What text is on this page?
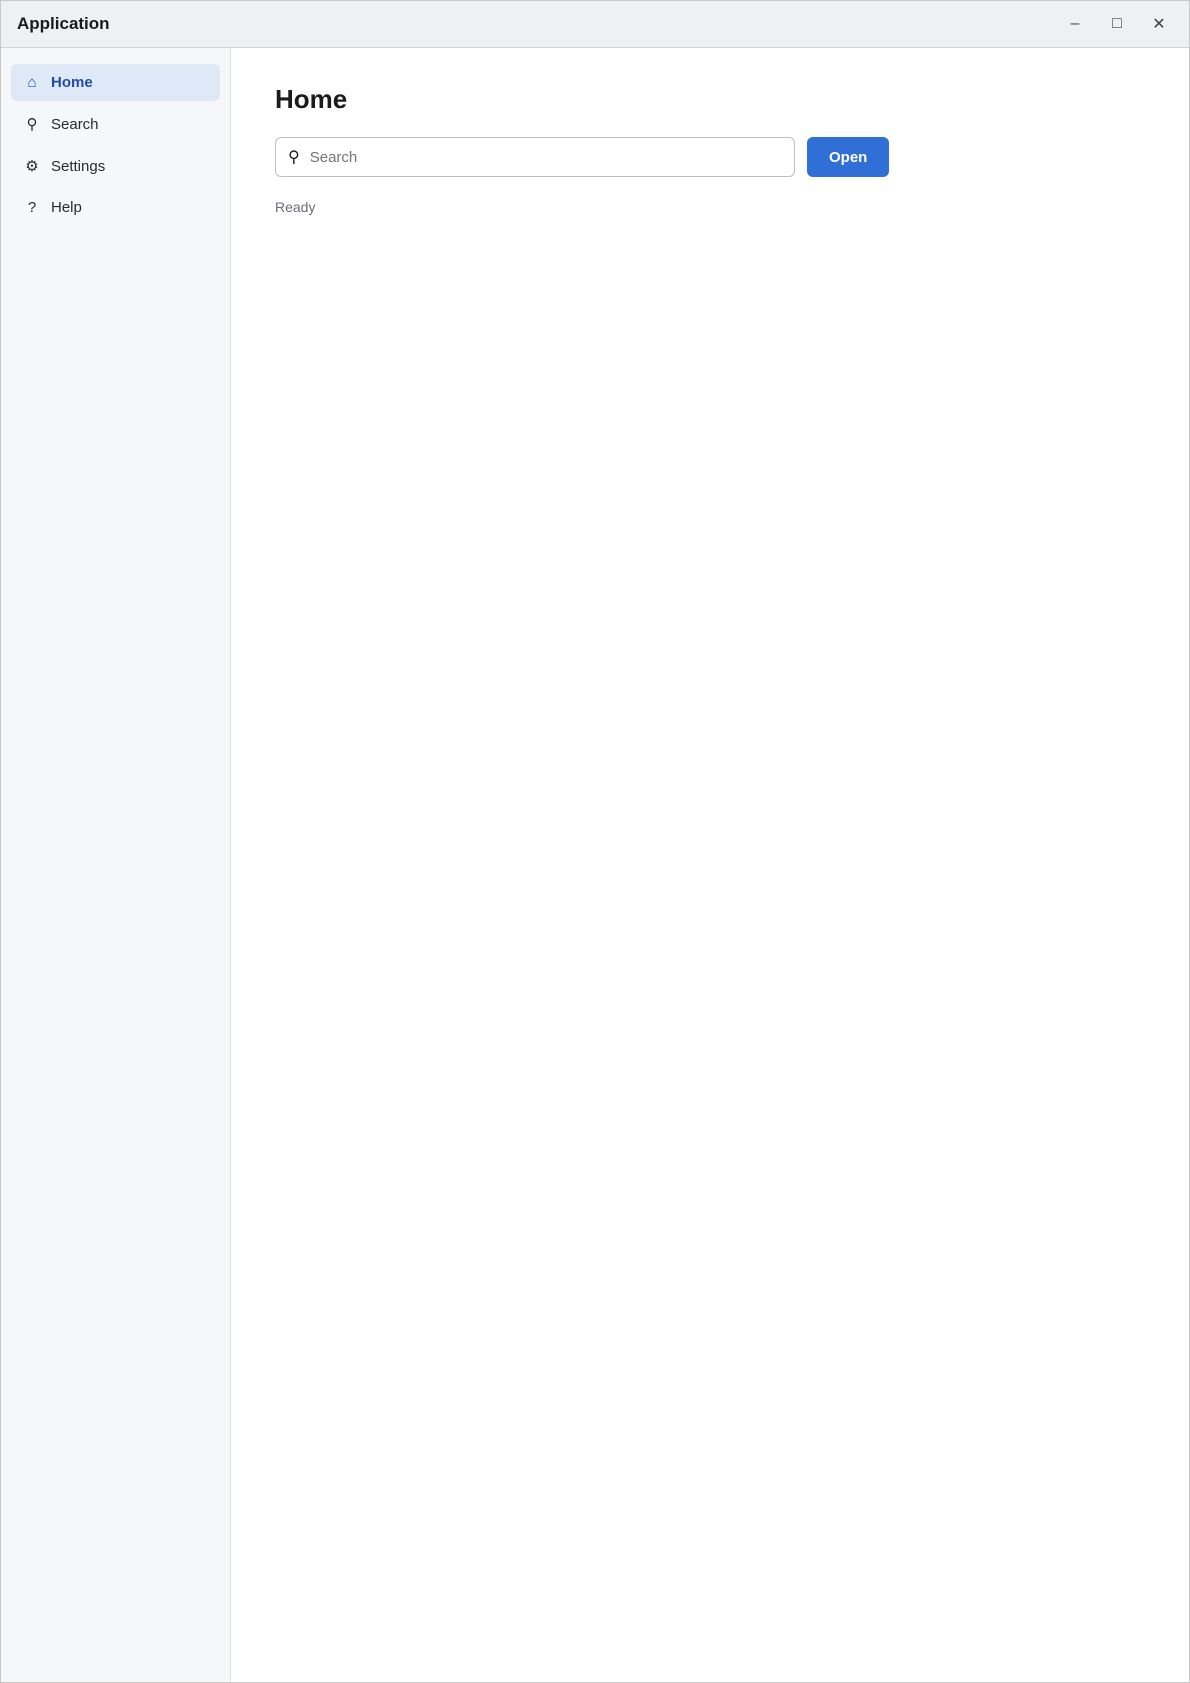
Application	–	□	✕
⌂ Home
⚲ Search
⚙ Settings
? Help
Home
⚲
Search	Open
Ready
